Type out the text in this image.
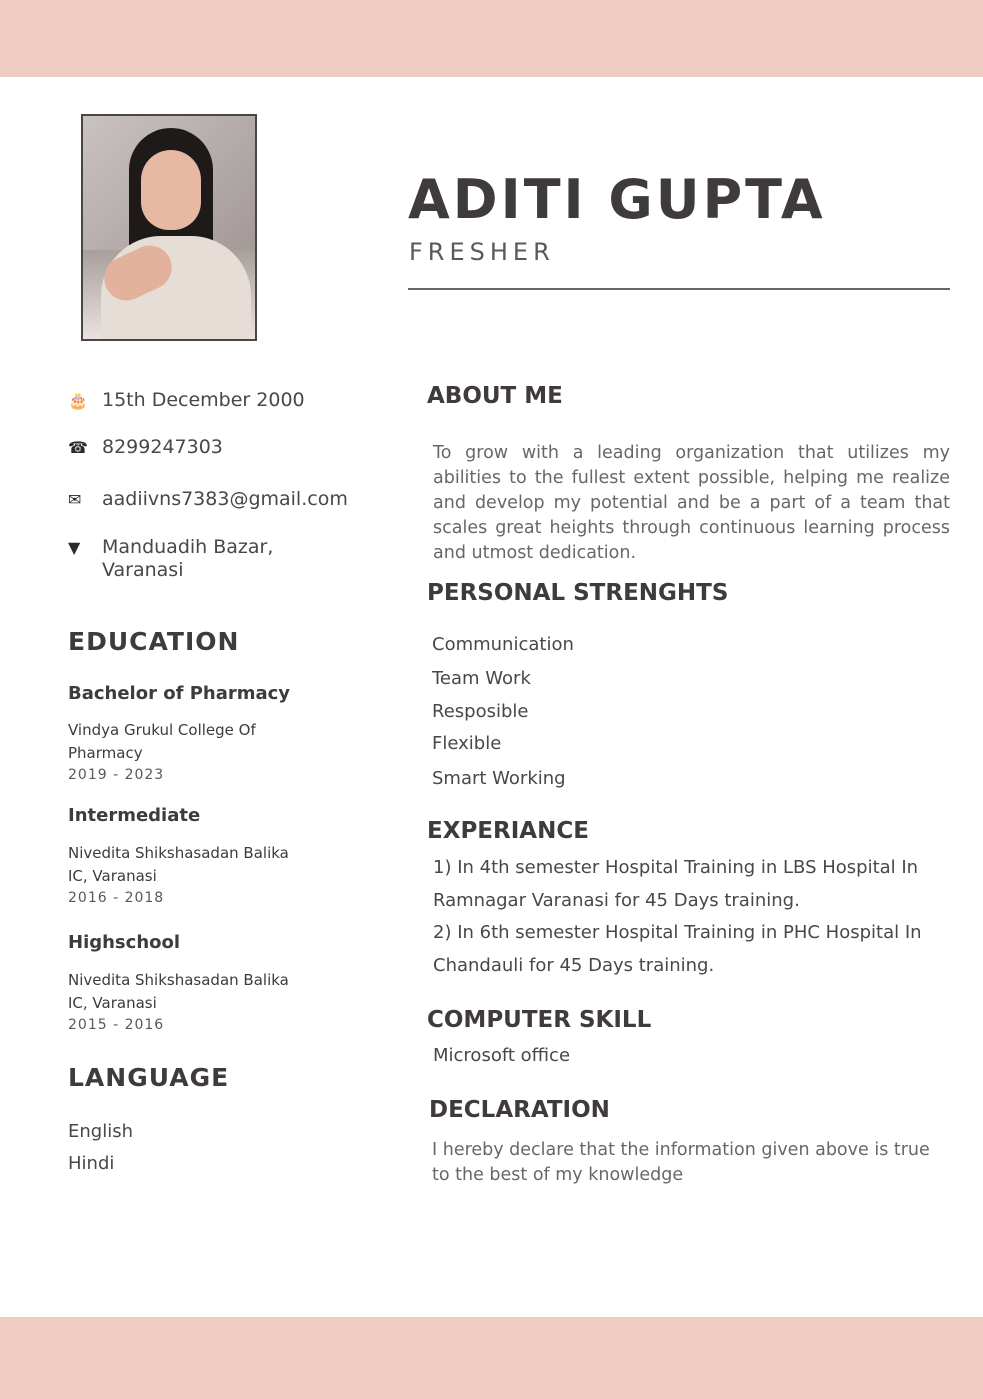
ADITI GUPTA
FRESHER
🎂 15th December 2000
☎ 8299247303
✉	aadiivns7383@gmail.com
▼	Manduadih Bazar,
Varanasi
EDUCATION
Bachelor of Pharmacy
Vindya Grukul College Of
Pharmacy
2019 - 2023
Intermediate
Nivedita Shikshasadan Balika
IC, Varanasi
2016 - 2018
Highschool
Nivedita Shikshasadan Balika
IC, Varanasi
2015 - 2016
LANGUAGE
English
Hindi
ABOUT ME
To grow with a leading organization that utilizes my abilities to the fullest extent possible, helping me realize and develop my potential and be a part of a team that scales great heights through continuous learning process and utmost dedication.
PERSONAL STRENGHTS
Communication
Team Work
Resposible
Flexible
Smart Working
EXPERIANCE
1) In 4th semester Hospital Training in LBS Hospital In
Ramnagar Varanasi for 45 Days training.
2) In 6th semester Hospital Training in PHC Hospital In
Chandauli for 45 Days training.
COMPUTER SKILL
Microsoft office
DECLARATION
I hereby declare that the information given above is true to the best of my knowledge
